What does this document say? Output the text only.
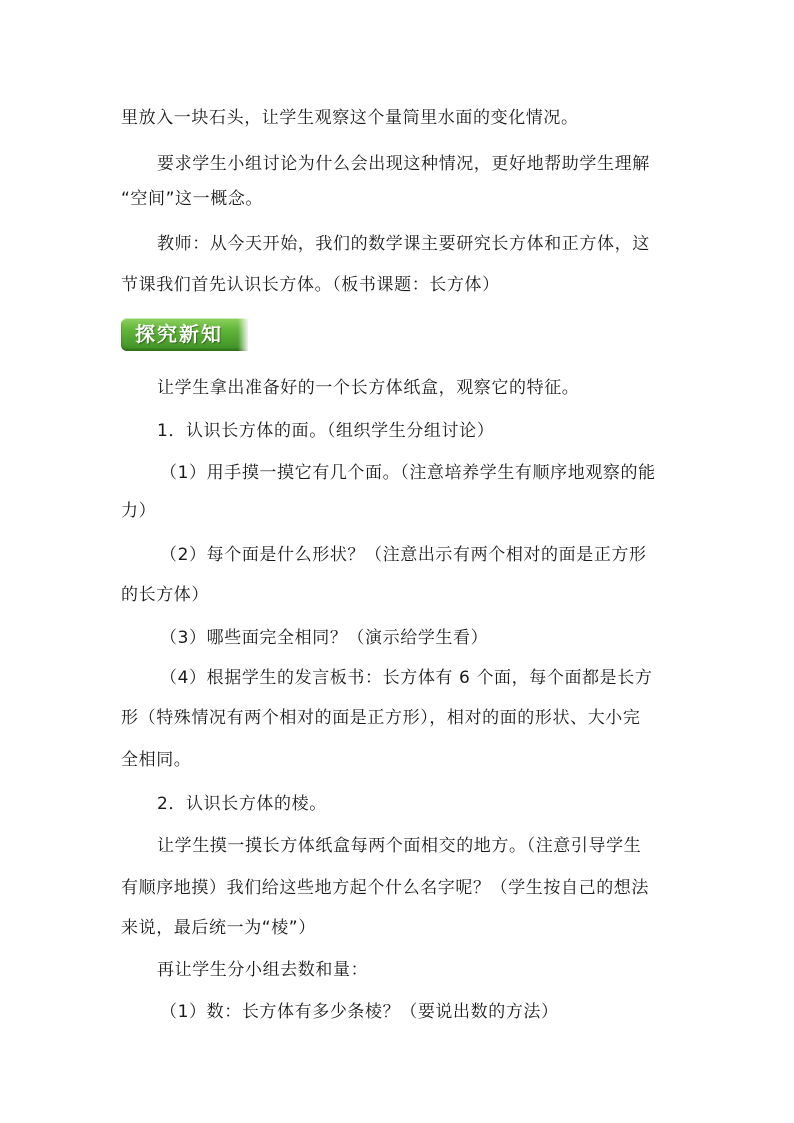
里放入一块石头，让学生观察这个量筒里水面的变化情况。
要求学生小组讨论为什么会出现这种情况，更好地帮助学生理解
“空间”这一概念。
教师：从今天开始，我们的数学课主要研究长方体和正方体，这
节课我们首先认识长方体。（板书课题：长方体）
探究新知
让学生拿出准备好的一个长方体纸盒，观察它的特征。
1．认识长方体的面。（组织学生分组讨论）
（1）用手摸一摸它有几个面。（注意培养学生有顺序地观察的能
力）
（2）每个面是什么形状？（注意出示有两个相对的面是正方形
的长方体）
（3）哪些面完全相同？（演示给学生看）
（4）根据学生的发言板书：长方体有 6 个面，每个面都是长方
形（特殊情况有两个相对的面是正方形），相对的面的形状、大小完
全相同。
2．认识长方体的棱。
让学生摸一摸长方体纸盒每两个面相交的地方。（注意引导学生
有顺序地摸）我们给这些地方起个什么名字呢？（学生按自己的想法
来说，最后统一为“棱”）
再让学生分小组去数和量：
（1）数：长方体有多少条棱？（要说出数的方法）
